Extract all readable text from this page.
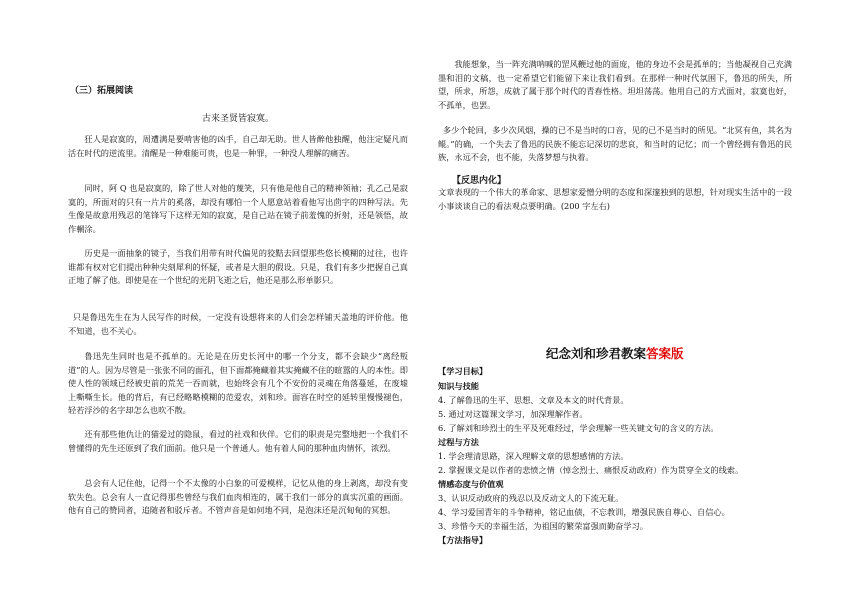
（三）拓展阅读
古来圣贤皆寂寞。

狂人是寂寞的，周遭满是要啃害他的凶手，自己却无助。世人皆醉他独醒，他注定疑凡而活在时代的逆流里。清醒是一种难能可贵，也是一种罪，一种没人理解的痛苦。

同时，阿 Q 也是寂寞的，除了世人对他的蔑笑，只有他是他自己的精神领袖；孔乙己是寂寞的，所面对的只有一片片的奚落，却没有哪怕一个人愿意站着看他写出茴字的四种写法。先生像是故意用残忍的笔锋写下这样无知的寂寞，是自己站在镜子前羞愧的折射，还是领悟，故作輞涂。

历史是一面抽象的镜子，当我们用带有时代偏见的狡黠去回望那些悠长模糊的过往，也许谁都有权对它们提出种种尖刻犀利的怀疑，或者是大胆的假设。只是，我们有多少把握自己真正地了解了他。即使是在一个世纪的光阴飞逝之后，他还是那么形单影只。

只是鲁迅先生在为人民写作的时候，一定没有设想将来的人们会怎样铺天盖地的评价他。他不知道，也不关心。

鲁迅先生同时也是不孤单的。无论是在历史长河中的哪一个分支，都不会缺少“离经叛道”的人。因为尽管是一张张不同的面孔，但下面都掩藏着其实掩藏不住的暄嚣的人的本性。即使人性的领域已经被史前的荒芜一吞而就，也始终会有几个不安份的灵魂在角落蔓延，在废墟上嘶嘶生长。他的背后，有已经略略模糊的范爱农，刘和珍。面容在时空的延转里慢慢褪色，轻若浮沙的名字却怎么也吹不散。

还有那些他仇让的猫爱过的隐鼠，看过的社戏和伙伴。它们的职责是完整地把一个我们不曾懂得的先生还原到了我们面前。他只是一个普通人。他有着人间的那种血肉情怀，浓烈。

总会有人记住他，记得一个不太像的小白象的可爱模样，记忆从他的身上剥离，却没有变软失色。总会有人一直记得那些曾经与我们血肉相连的，属于我们一部分的真实沉重的画面。他有自己的赞同者，追随者和驳斥者。不管声音是如何地不同，是泡沫还是沉甸甸的冥想。

我能想象，当一阵充满呐喊的罡风鞭过他的面庞，他的身边不会是孤单的；当他凝视自己充满墨和泪的文稿，也一定希望它们能留下来让我们看到。在那样一种时代氛围下，鲁迅的所失，所望，所求，所怨，成就了属于那个时代的青春性格。坦坦荡荡。他用自己的方式面对，寂寞也好，不孤单，也罢。

多少个轮回，多少次风烟，操的已不是当时的口音，见的已不是当时的所见。“北冥有鱼，其名为鲲。”的确，一个失去了鲁迅的民族不能忘记深切的悲哀，和当时的记忆；而一个曾经拥有鲁迅的民族，永远不会，也不能，失落梦想与执着。

【反思内化】

文章表现的一个伟大的革命家、思想家爱憎分明的态度和深邃独到的思想，针对现实生活中的一段小事谈谈自己的看法观点要明确。(200 字左右)

纪念刘和珍君教案答案版
【学习目标】
知识与技能
4. 了解鲁迅的生平、思想、文章及本文的时代背景。
5. 通过对这篇课文学习，加深理解作者。
6. 了解刘和珍烈士的生平及死难经过，学会理解一些关键文句的含义的方法。
过程与方法
1. 学会理清思路，深入理解文章的思想感情的方法。
2. 掌握课文是以作者的悲愤之情（悼念烈士、痛恨反动政府）作为贯穿全文的线索。
情感态度与价值观
3、认识反动政府的残忍以及反动文人的下流无耻。
4、学习爱国青年的斗争精神，铭记血债，不忘教训，增强民族自尊心、自信心。
3、珍惜今天的幸福生活，为祖国的繁荣富强而勤奋学习。
【方法指导】
